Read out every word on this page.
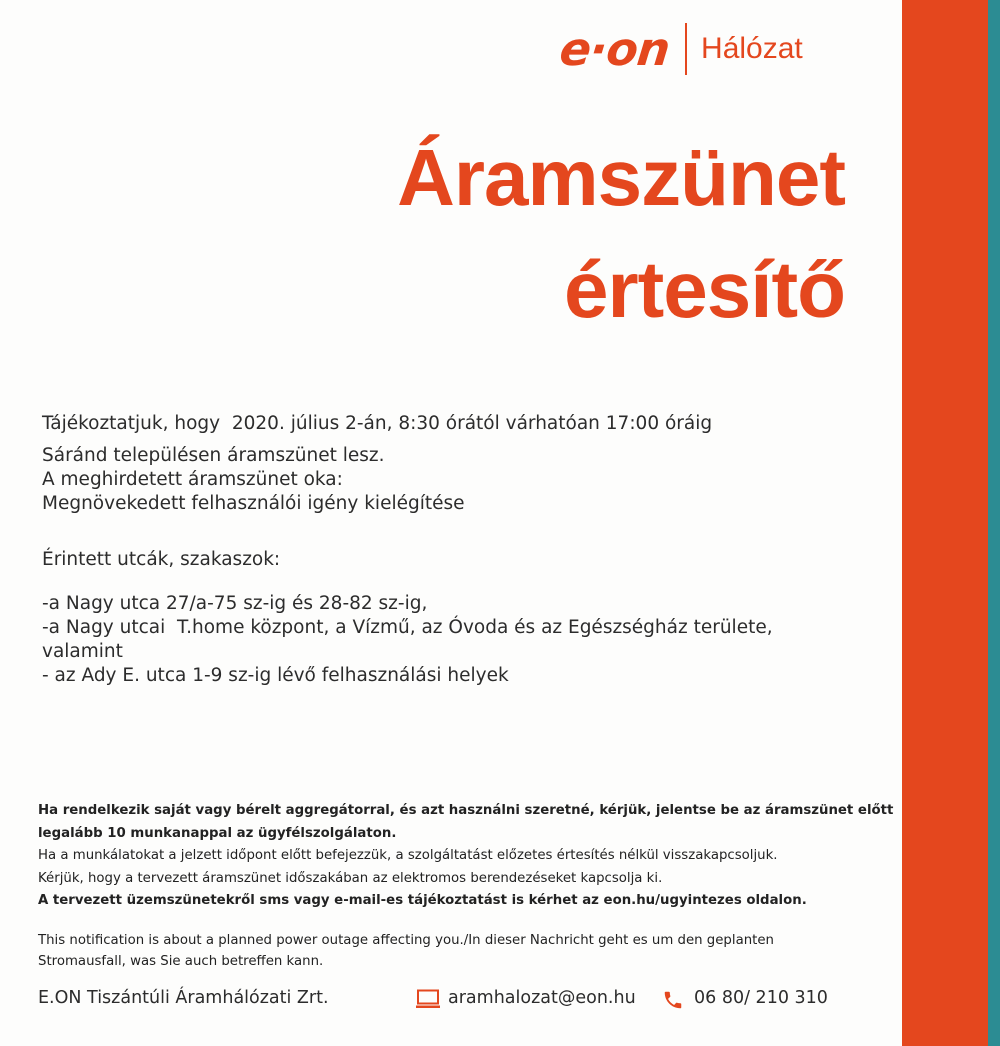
e·on Hálózat
Áramszünet
értesítő
Tájékoztatjuk, hogy  2020. július 2-án, 8:30 órától várhatóan 17:00 óráig
Sáránd településen áramszünet lesz.
A meghirdetett áramszünet oka:
Megnövekedett felhasználói igény kielégítése
Érintett utcák, szakaszok:
-a Nagy utca 27/a-75 sz-ig és 28-82 sz-ig,
-a Nagy utcai  T.home központ, a Vízmű, az Óvoda és az Egészségház területe,
valamint
- az Ady E. utca 1-9 sz-ig lévő felhasználási helyek
Ha rendelkezik saját vagy bérelt aggregátorral, és azt használni szeretné, kérjük, jelentse be az áramszünet előtt
legalább 10 munkanappal az ügyfélszolgálaton.
Ha a munkálatokat a jelzett időpont előtt befejezzük, a szolgáltatást előzetes értesítés nélkül visszakapcsoljuk.
Kérjük, hogy a tervezett áramszünet időszakában az elektromos berendezéseket kapcsolja ki.
A tervezett üzemszünetekről sms vagy e-mail-es tájékoztatást is kérhet az eon.hu/ugyintezes oldalon.
This notification is about a planned power outage affecting you./In dieser Nachricht geht es um den geplanten
Stromausfall, was Sie auch betreffen kann.
E.ON Tiszántúli Áramhálózati Zrt.	aramhalozat@eon.hu	06 80/ 210 310
